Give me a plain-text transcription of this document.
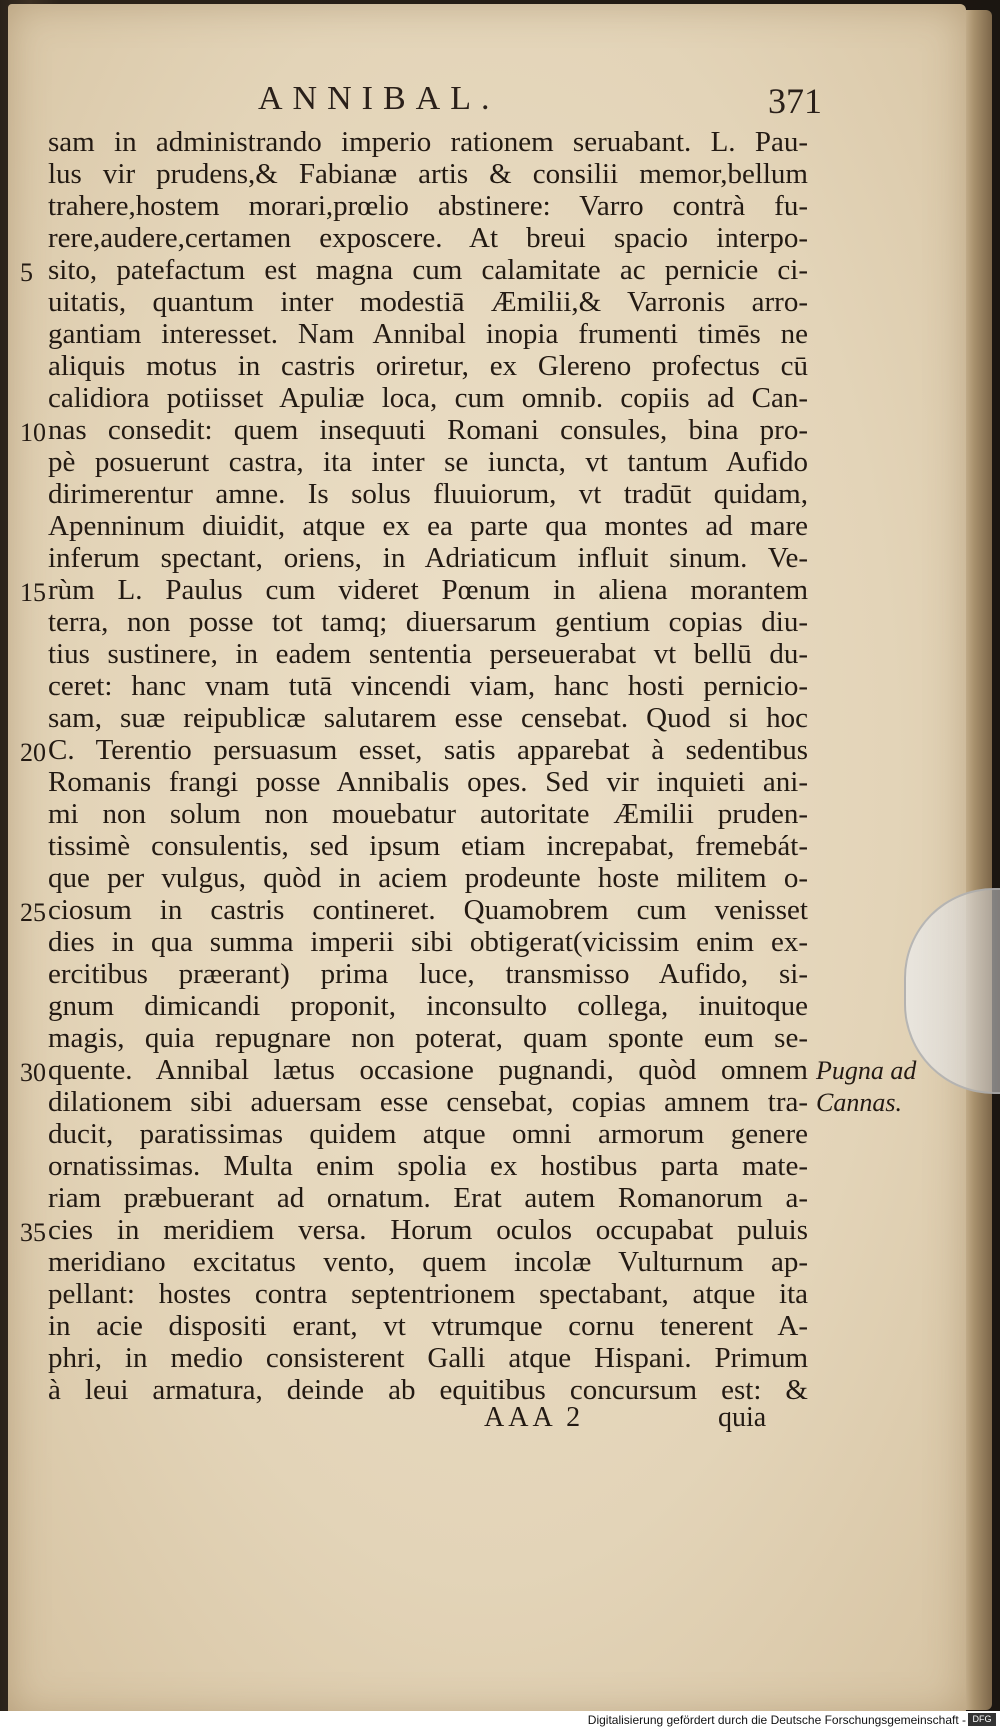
ANNIBAL.	371
sam in administrando imperio rationem seruabant. L. Pau-
lus vir prudens,& Fabianæ artis & consilii memor,bellum
trahere,hostem morari,prœlio abstinere: Varro contrà fu-
rere,audere,certamen exposcere. At breui spacio interpo-
sito, patefactum est magna cum calamitate ac pernicie ci-
uitatis, quantum inter modestiā Æmilii,& Varronis arro-
gantiam interesset. Nam Annibal inopia frumenti timēs ne
aliquis motus in castris oriretur, ex Glereno profectus cū
calidiora potiisset Apuliæ loca, cum omnib. copiis ad Can-
nas consedit: quem insequuti Romani consules, bina pro-
pè posuerunt castra, ita inter se iuncta, vt tantum Aufido
dirimerentur amne. Is solus fluuiorum, vt tradūt quidam,
Apenninum diuidit, atque ex ea parte qua montes ad mare
inferum spectant, oriens, in Adriaticum influit sinum. Ve-
rùm L. Paulus cum videret Pœnum in aliena morantem
terra, non posse tot tamq; diuersarum gentium copias diu-
tius sustinere, in eadem sententia perseuerabat vt bellū du-
ceret: hanc vnam tutā vincendi viam, hanc hosti pernicio-
sam, suæ reipublicæ salutarem esse censebat. Quod si hoc
C. Terentio persuasum esset, satis apparebat à sedentibus
Romanis frangi posse Annibalis opes. Sed vir inquieti ani-
mi non solum non mouebatur autoritate Æmilii pruden-
tissimè consulentis, sed ipsum etiam increpabat, fremebát-
que per vulgus, quòd in aciem prodeunte hoste militem o-
ciosum in castris contineret. Quamobrem cum venisset
dies in qua summa imperii sibi obtigerat(vicissim enim ex-
ercitibus præerant) prima luce, transmisso Aufido, si-
gnum dimicandi proponit, inconsulto collega, inuitoque
magis, quia repugnare non poterat, quam sponte eum se-
quente. Annibal lætus occasione pugnandi, quòd omnem
dilationem sibi aduersam esse censebat, copias amnem tra-
ducit, paratissimas quidem atque omni armorum genere
ornatissimas. Multa enim spolia ex hostibus parta mate-
riam præbuerant ad ornatum. Erat autem Romanorum a-
cies in meridiem versa. Horum oculos occupabat puluis
meridiano excitatus vento, quem incolæ Vulturnum ap-
pellant: hostes contra septentrionem spectabant, atque ita
in acie dispositi erant, vt vtrumque cornu tenerent A-
phri, in medio consisterent Galli atque Hispani. Primum
à leui armatura, deinde ab equitibus concursum est: &
5
10
15
20
25
30
35
Pugna ad
Cannas.
AAA 2	quia
Digitalisierung gefördert durch die Deutsche Forschungsgemeinschaft - DFG
